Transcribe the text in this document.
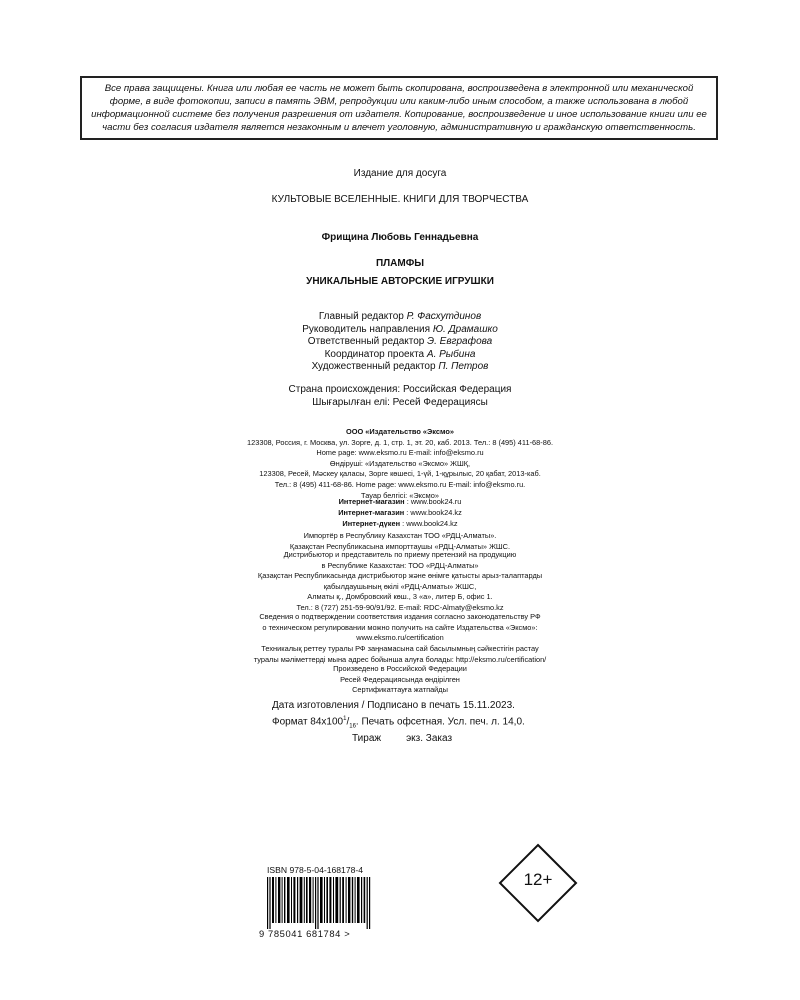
Все права защищены. Книга или любая ее часть не может быть скопирована, воспроизведена в электронной или механической форме, в виде фотокопии, записи в память ЭВМ, репродукции или каким-либо иным способом, а также использована в любой информационной системе без получения разрешения от издателя. Копирование, воспроизведение и иное использование книги или ее части без согласия издателя является незаконным и влечет уголовную, административную и гражданскую ответственность.
Издание для досуга
КУЛЬТОВЫЕ ВСЕЛЕННЫЕ. КНИГИ ДЛЯ ТВОРЧЕСТВА
Фрищина Любовь Геннадьевна
ПЛАМФЫ
УНИКАЛЬНЫЕ АВТОРСКИЕ ИГРУШКИ
Главный редактор Р. Фасхутдинов
Руководитель направления Ю. Драмашко
Ответственный редактор Э. Евграфова
Координатор проекта А. Рыбина
Художественный редактор П. Петров
Страна происхождения: Российская Федерация
Шығарылған елі: Ресей Федерациясы
ООО «Издательство «Эксмо»
123308, Россия, г. Москва, ул. Зорге, д. 1, стр. 1, эт. 20, каб. 2013. Тел.: 8 (495) 411-68-86.
Home page: www.eksmo.ru E-mail: info@eksmo.ru
Өндіруші: «Издательство «Эксмо» ЖШҚ,
123308, Ресей, Мәскеу қаласы, Зорге көшесі, 1-үй, 1-құрылыс, 20 қабат, 2013-каб.
Тел.: 8 (495) 411-68-86. Home page: www.eksmo.ru E-mail: info@eksmo.ru.
Тауар белгісі: «Эксмо»
Интернет-магазин : www.book24.ru
Интернет-магазин : www.book24.kz
Интернет-дүкен : www.book24.kz
Импортёр в Республику Казахстан ТОО «РДЦ-Алматы».
Қазақстан Республикасына импорттаушы «РДЦ-Алматы» ЖШС.
Дистрибьютор и представитель по приему претензий на продукцию
в Республике Казахстан: ТОО «РДЦ-Алматы»
Қазақстан Республикасында дистрибьютор және өнімге қатысты арыз-талаптарды
қабылдаушының өкілі «РДЦ-Алматы» ЖШС,
Алматы қ., Домбровский көш., 3 «а», литер Б, офис 1.
Тел.: 8 (727) 251-59-90/91/92. E-mail: RDC-Almaty@eksmo.kz
Сведения о подтверждении соответствия издания согласно законодательству РФ
о техническом регулировании можно получить на сайте Издательства «Эксмо»:
www.eksmo.ru/certification
Техникалық реттеу туралы РФ заңнамасына сай басылымның сәйкестігін растау
туралы мәліметтерді мына адрес бойынша алуға болады: http://eksmo.ru/certification/
Произведено в Российской Федерации
Ресей Федерациясында өндірілген
Сертификаттауға жатпайды
Дата изготовления / Подписано в печать 15.11.2023.
Формат $84х100^1/_{16}$. Печать офсетная. Усл. печ. л. 14,0.
Тираж         экз. Заказ
ISBN 978-5-04-168178-4
9 785041 681784 >
12+
